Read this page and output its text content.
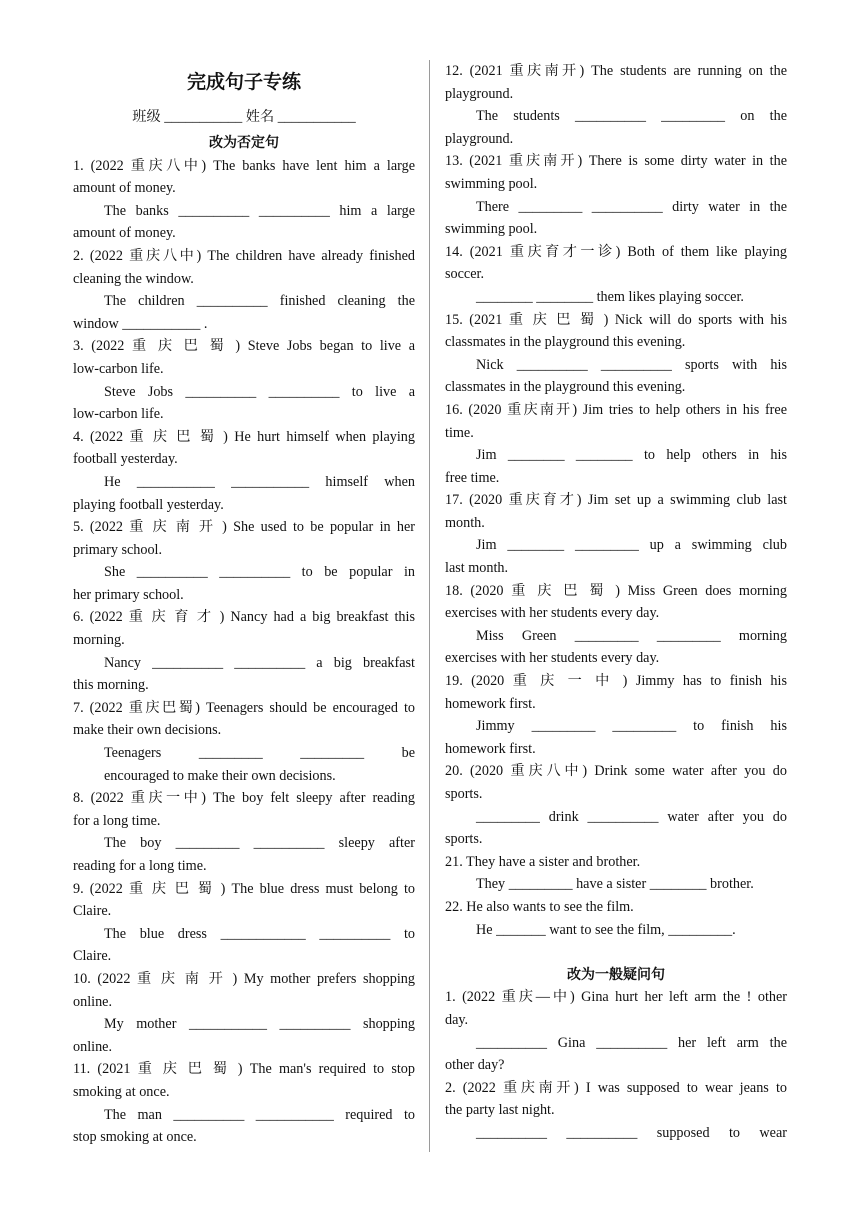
完成句子专练
班级 ___________ 姓名 ___________
改为否定句
1. (2022 重庆八中) The banks have lent him a large
amount of money.
The banks __________ __________ him a large
amount of money.
2. (2022 重庆八中) The children have already finished
cleaning the window.
The children __________ finished cleaning the
window ___________ .
3. (2022 重 庆 巴 蜀 ) Steve Jobs began to live a
low-carbon life.
Steve Jobs __________ __________ to live a
low-carbon life.
4. (2022 重 庆 巴 蜀 ) He hurt himself when playing
football yesterday.
He ___________ ___________ himself when
playing football yesterday.
5. (2022 重 庆 南 开 ) She used to be popular in her
primary school.
She __________ __________ to be popular in
her primary school.
6. (2022 重 庆 育 才 ) Nancy had a big breakfast this
morning.
Nancy __________ __________ a big breakfast
this morning.
7. (2022 重庆巴蜀) Teenagers should be encouraged to
make their own decisions.
Teenagers _________ _________ be
encouraged to make their own decisions.
8. (2022 重庆一中) The boy felt sleepy after reading
for a long time.
The boy _________ __________ sleepy after
reading for a long time.
9. (2022 重 庆 巴 蜀 ) The blue dress must belong to
Claire.
The blue dress ____________ __________ to
Claire.
10. (2022 重 庆 南 开 ) My mother prefers shopping
online.
My mother ___________ __________ shopping
online.
11. (2021 重 庆 巴 蜀 ) The man's required to stop
smoking at once.
The man __________ ___________ required to
stop smoking at once.
12. (2021 重庆南开) The students are running on the
playground.
The students __________ _________ on the
playground.
13. (2021 重庆南开) There is some dirty water in the
swimming pool.
There _________ __________ dirty water in the
swimming pool.
14. (2021 重庆育才一诊) Both of them like playing
soccer.
________ ________ them likes playing soccer.
15. (2021 重 庆 巴 蜀 ) Nick will do sports with his
classmates in the playground this evening.
Nick __________ __________ sports with his
classmates in the playground this evening.
16. (2020 重庆南开) Jim tries to help others in his free
time.
Jim ________ ________ to help others in his
free time.
17. (2020 重庆育才) Jim set up a swimming club last
month.
Jim ________ _________ up a swimming club
last month.
18. (2020 重 庆 巴 蜀 ) Miss Green does morning
exercises with her students every day.
Miss Green _________ _________ morning
exercises with her students every day.
19. (2020 重 庆 一 中 ) Jimmy has to finish his
homework first.
Jimmy _________ _________ to finish his
homework first.
20. (2020 重庆八中) Drink some water after you do
sports.
_________ drink __________ water after you do
sports.
21. They have a sister and brother.
They _________ have a sister ________ brother.
22. He also wants to see the film.
He _______ want to see the film, _________.
改为一般疑问句
1. (2022 重庆—中) Gina hurt her left arm the ! other
day.
__________ Gina __________ her left arm the
other day?
2. (2022 重庆南开) I was supposed to wear jeans to
the party last night.
__________ __________ supposed to wear
